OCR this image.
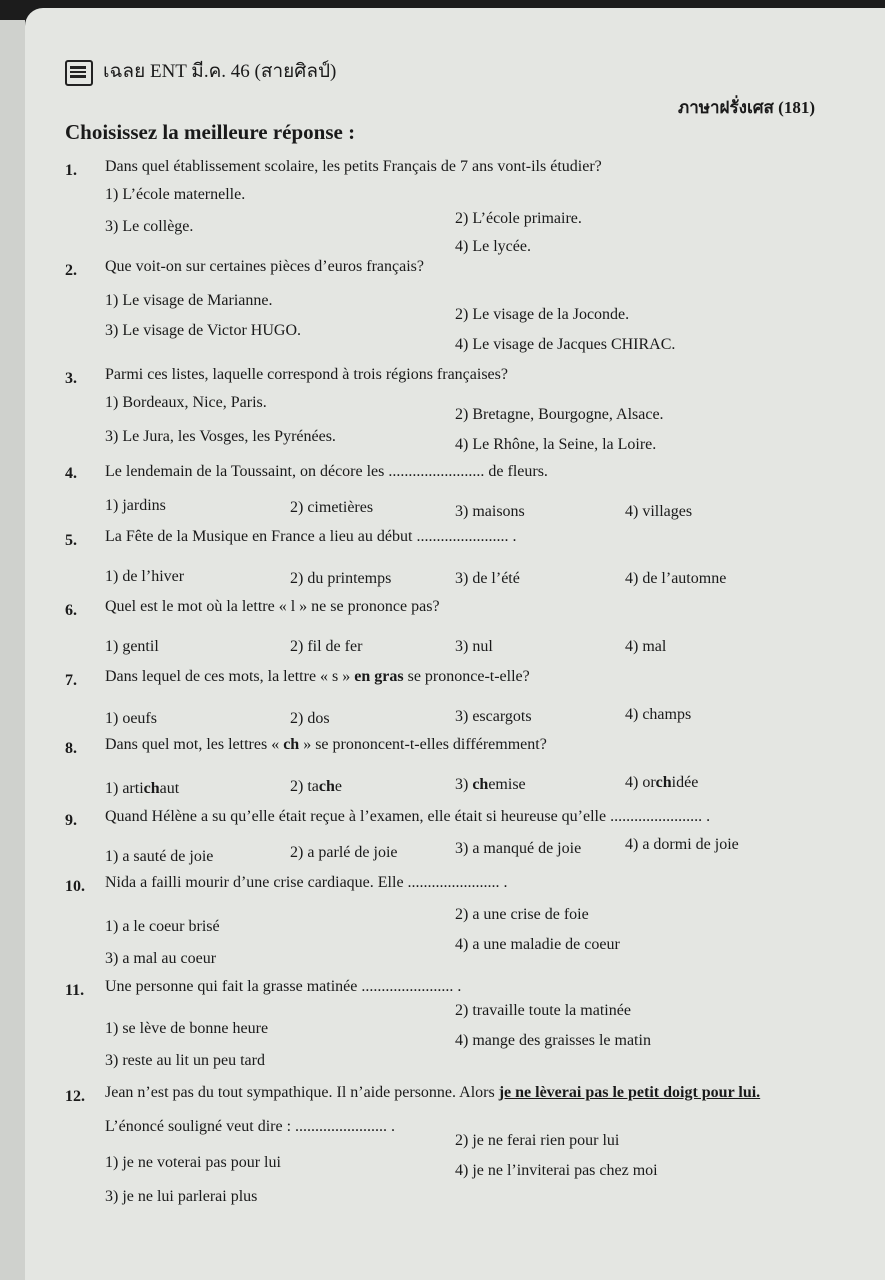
เฉลย ENT มี.ค. 46 (สายศิลป์)
ภาษาฝรั่งเศส (181)
Choisissez la meilleure réponse :
1. Dans quel établissement scolaire, les petits Français de 7 ans vont-ils étudier?
1) L’école maternelle.
2) L’école primaire.
3) Le collège.
4) Le lycée.
2. Que voit-on sur certaines pièces d’euros français?
1) Le visage de Marianne.
2) Le visage de la Joconde.
3) Le visage de Victor HUGO.
4) Le visage de Jacques CHIRAC.
3. Parmi ces listes, laquelle correspond à trois régions françaises?
1) Bordeaux, Nice, Paris.
2) Bretagne, Bourgogne, Alsace.
3) Le Jura, les Vosges, les Pyrénées.	4) Le Rhône, la Seine, la Loire.
4. Le lendemain de la Toussaint, on décore les ........................ de fleurs.
1) jardins	2) cimetières	3) maisons	4) villages
5. La Fête de la Musique en France a lieu au début ....................... .
1) de l’hiver	2) du printemps	3) de l’été	4) de l’automne
6. Quel est le mot où la lettre « l » ne se prononce pas?
1) gentil	2) fil de fer	3) nul	4) mal
7. Dans lequel de ces mots, la lettre « s » en gras se prononce-t-elle?
1) oeufs	2) dos	3) escargots	4) champs
8. Dans quel mot, les lettres « ch » se prononcent-t-elles différemment?
1) artichaut	2) tache	3) chemise	4) orchidée
9. Quand Hélène a su qu’elle était reçue à l’examen, elle était si heureuse qu’elle ....................... .
1) a sauté de joie	2) a parlé de joie	3) a manqué de joie	4) a dormi de joie
10. Nida a failli mourir d’une crise cardiaque. Elle ....................... .
1) a le coeur brisé
2) a une crise de foie
3) a mal au coeur
4) a une maladie de coeur
11. Une personne qui fait la grasse matinée ....................... .
1) se lève de bonne heure
2) travaille toute la matinée
3) reste au lit un peu tard
4) mange des graisses le matin
12. Jean n’est pas du tout sympathique. Il n’aide personne. Alors je ne lèverai pas le petit doigt pour lui.
L’énoncé souligné veut dire : ....................... .
1) je ne voterai pas pour lui
2) je ne ferai rien pour lui
3) je ne lui parlerai plus
4) je ne l’inviterai pas chez moi
